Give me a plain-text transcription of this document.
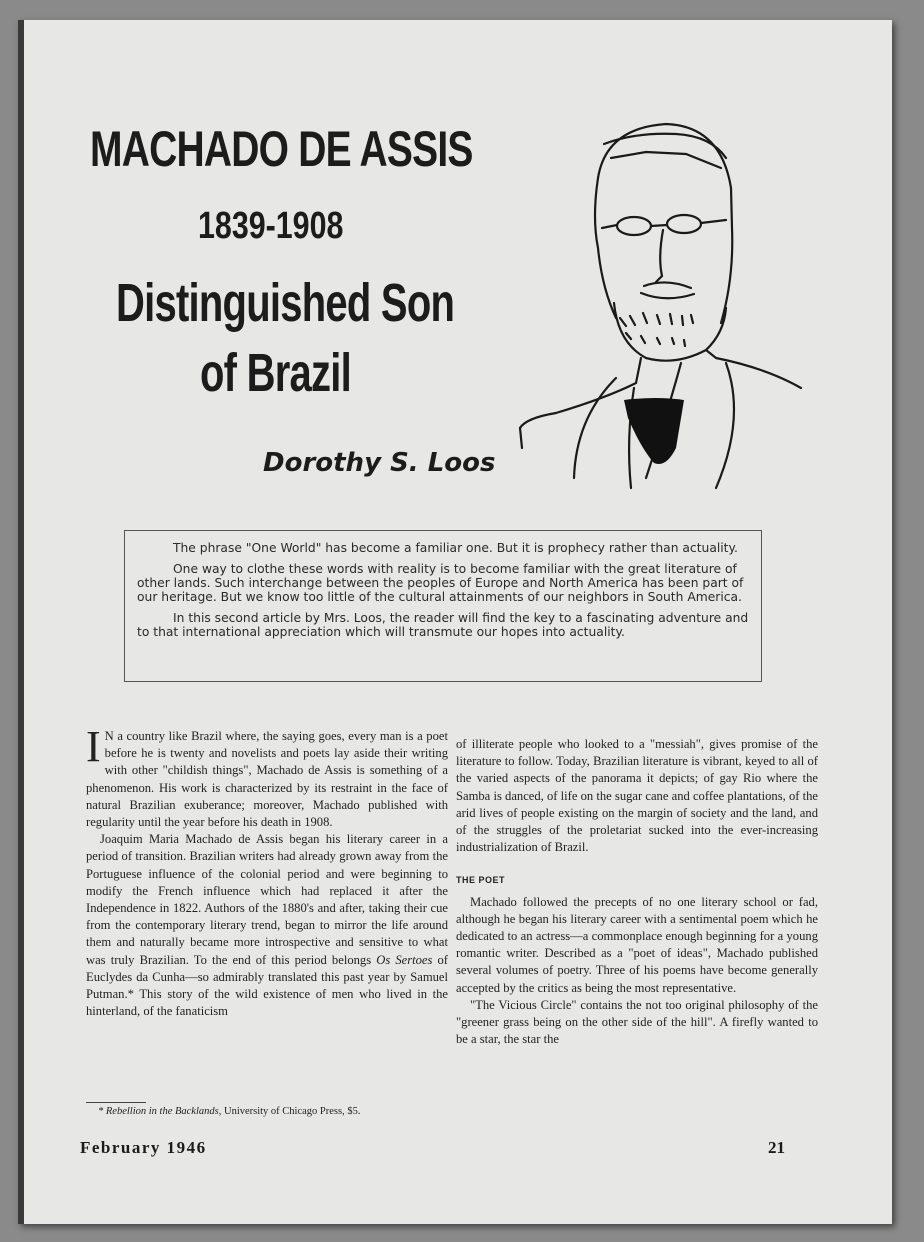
MACHADO DE ASSIS
1839-1908
Distinguished Son
of Brazil
Dorothy S. Loos

The phrase "One World" has become a familiar one. But it is prophecy rather than actuality.

One way to clothe these words with reality is to become familiar with the great literature of other lands. Such interchange between the peoples of Europe and North America has been part of our heritage. But we know too little of the cultural attainments of our neighbors in South America.

In this second article by Mrs. Loos, the reader will find the key to a fascinating adventure and to that international appreciation which will transmute our hopes into actuality.

I N a country like Brazil where, the saying goes, every man is a poet before he is twenty and novelists and poets lay aside their writing with other "childish things", Machado de Assis is something of a phenomenon. His work is characterized by its restraint in the face of natural Brazilian exuberance; moreover, Machado published with regularity until the year before his death in 1908.

Joaquim Maria Machado de Assis began his literary career in a period of transition. Brazilian writers had already grown away from the Portuguese influence of the colonial period and were beginning to modify the French influence which had replaced it after the Independence in 1822. Authors of the 1880's and after, taking their cue from the contemporary literary trend, began to mirror the life around them and naturally became more introspective and sensitive to what was truly Brazilian. To the end of this period belongs Os Sertoes of Euclydes da Cunha—so admirably translated this past year by Samuel Putman.* This story of the wild existence of men who lived in the hinterland, of the fanaticism

of illiterate people who looked to a "messiah", gives promise of the literature to follow. Today, Brazilian literature is vibrant, keyed to all of the varied aspects of the panorama it depicts; of gay Rio where the Samba is danced, of life on the sugar cane and coffee plantations, of the arid lives of people existing on the margin of society and the land, and of the struggles of the proletariat sucked into the ever-increasing industrialization of Brazil.

THE POET

Machado followed the precepts of no one literary school or fad, although he began his literary career with a sentimental poem which he dedicated to an actress—a commonplace enough beginning for a young romantic writer. Described as a "poet of ideas", Machado published several volumes of poetry. Three of his poems have become generally accepted by the critics as being the most representative.

"The Vicious Circle" contains the not too original philosophy of the "greener grass being on the other side of the hill". A firefly wanted to be a star, the star the

* Rebellion in the Backlands, University of Chicago Press, $5.
February 1946	21
